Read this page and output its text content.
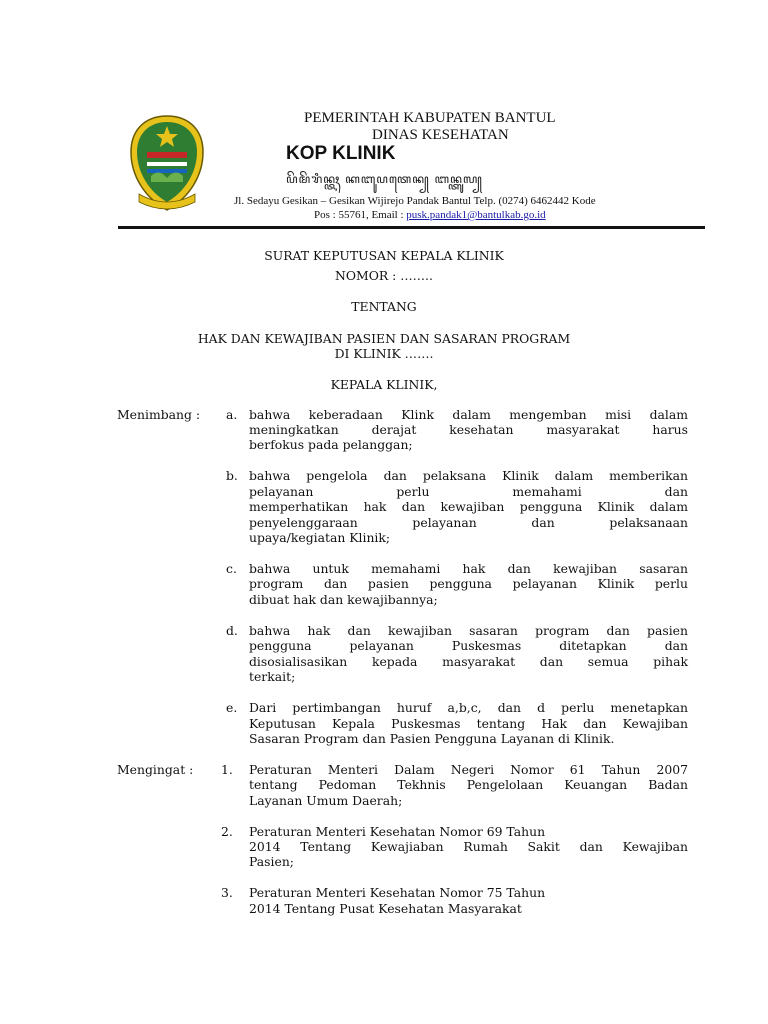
PEMERINTAH KABUPATEN BANTUL
DINAS KESEHATAN
KOP KLINIK
ꦥꦼꦩꦼꦫꦶꦤ꧀ꦠꦃ ꦏꦧꦸꦥꦠꦺꦤ꧀ ꦧꦤ꧀ꦠꦸꦭ꧀
Jl. Sedayu Gesikan – Gesikan Wijirejo Pandak Bantul Telp. (0274) 6462442 Kode
Pos : 55761, Email : pusk.pandak1@bantulkab.go.id
SURAT KEPUTUSAN KEPALA KLINIK
NOMOR : ……..
TENTANG
HAK DAN KEWAJIBAN PASIEN DAN SASARAN PROGRAM
DI KLINIK …….
KEPALA KLINIK,
Menimbang : a. bahwa keberadaan Klink dalam mengemban misi dalam
meningkatkan derajat kesehatan masyarakat harus
berfokus pada pelanggan;
b. bahwa pengelola dan pelaksana Klinik dalam memberikan
pelayanan perlu memahami dan
memperhatikan hak dan kewajiban pengguna Klinik dalam
penyelenggaraan pelayanan dan pelaksanaan
upaya/kegiatan Klinik;
c. bahwa untuk memahami hak dan kewajiban sasaran
program dan pasien pengguna pelayanan Klinik perlu
dibuat hak dan kewajibannya;
d. bahwa hak dan kewajiban sasaran program dan pasien
pengguna pelayanan Puskesmas ditetapkan dan
disosialisasikan kepada masyarakat dan semua pihak
terkait;
e. Dari pertimbangan huruf a,b,c, dan d perlu menetapkan
Keputusan Kepala Puskesmas tentang Hak dan Kewajiban
Sasaran Program dan Pasien Pengguna Layanan di Klinik.
Mengingat : 1. Peraturan Menteri Dalam Negeri Nomor 61 Tahun 2007
tentang Pedoman Tekhnis Pengelolaan Keuangan Badan
Layanan Umum Daerah;
2. Peraturan Menteri Kesehatan Nomor 69 Tahun
2014 Tentang Kewajiaban Rumah Sakit dan Kewajiban
Pasien;
3. Peraturan Menteri Kesehatan Nomor 75 Tahun
2014 Tentang Pusat Kesehatan Masyarakat
